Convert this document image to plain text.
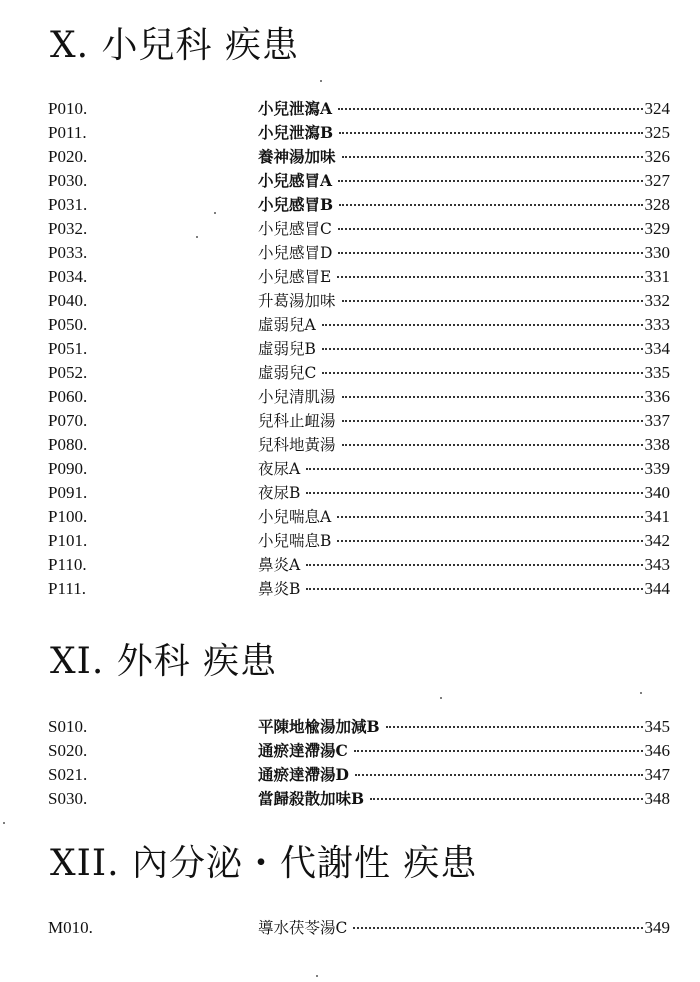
X. 小兒科 疾患
P010.	小兒泄瀉A	324
P011.	小兒泄瀉B	325
P020.	養神湯加味	326
P030.	小兒感冒A	327
P031.	小兒感冒B	328
P032.	小兒感冒C	329
P033.	小兒感冒D	330
P034.	小兒感冒E	331
P040.	升葛湯加味	332
P050.	虛弱兒A	333
P051.	虛弱兒B	334
P052.	虛弱兒C	335
P060.	小兒清肌湯	336
P070.	兒科止衄湯	337
P080.	兒科地黃湯	338
P090.	夜尿A	339
P091.	夜尿B	340
P100.	小兒喘息A	341
P101.	小兒喘息B	342
P110.	鼻炎A	343
P111.	鼻炎B	344
XI. 外科 疾患
S010.	平陳地楡湯加減B	345
S020.	通瘀達滯湯C	346
S021.	通瘀達滯湯D	347
S030.	當歸殺散加味B	348
XII. 內分泌・代謝性 疾患
M010.	導水茯苓湯C	349
